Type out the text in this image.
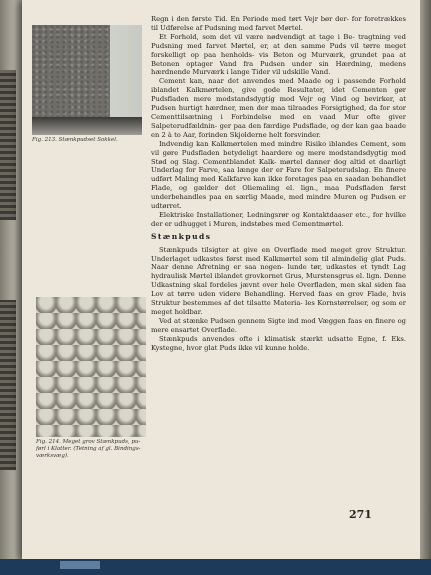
Fig. 213. Stænkpudset Sokkel.
Fig. 214. Meget grov Stænkpuds, pu- førl i Klatter. (Tetning af gl. Bindings- værksvæg).

Regn i den første Tid. En Periode med tørt Vejr bør der- for foretrækkes til Udførelse af Pudsning med farvet Mørtel.

Et Forhold, som det vil være nødvendigt at tage i Be- tragtning ved Pudsning med farvet Mørtel, er, at den samme Puds vil tørre meget forskelligt op paa henholds- vis Beton og Murværk, grundet paa at Betonen optager Vand fra Pudsen under sin Hærdning, medens hærdnende Murværk i lange Tider vil udskille Vand.

Cement kan, naar det anvendes med Maade og i passende Forhold iblandet Kalkmørtelen, give gode Resultater, idet Cementen gør Pudsfladen mere modstandsdygtig mod Vejr og Vind og bevirker, at Pudsen hurtigt hærdner, men der maa tilraades Forsigtighed, da for stor Cementtilsætning i Forbindelse med en vaad Mur ofte giver Salpeterudfældnin- ger paa den færdige Pudsflade, og der kan gaa baade en 2 à to Aar, forinden Skjolderne helt forsvinder.

Indvendig kan Kalkmørtelen med mindre Risiko iblandes Cement, som vil gøre Pudsfladen betydeligt haardere og mere modstandsdygtig mod Stød og Slag. Cementblandet Kalk- mørtel danner dog altid et daarligt Underlag for Farve, saa længe der er Fare for Salpeterudslag. En finere udført Maling med Kalkfarve kan ikke foretages paa en saadan behandlet Flade, og gælder det Oliemaling el. lign., maa Pudsfladen først underbehandles paa en særlig Maade, med mindre Muren og Pudsen er udtørret.

Elektriske Installationer, Ledningsrør og Kontaktdaaser etc., for hvilke der er udhugget i Muren, indstøbes med Cementmørtel.

Stænkpuds

Stænkpuds tilsigter at give en Overflade med meget grov Struktur. Underlaget udkastes først med Kalkmørtel som til almindelig glat Puds. Naar denne Afretning er saa nogen- lunde tør, udkastes et tyndt Lag hydraulisk Mørtel iblandet grovkornet Grus, Murstensgrus el. lign. Denne Udkastning skal fordeles jævnt over hele Overfladen, men skal siden faa Lov at tørre uden videre Behandling. Herved faas en grov Flade, hvis Struktur bestemmes af det tilsatte Materia- les Kornstørrelser, og som er meget holdbar.

Ved at stænke Pudsen gennem Sigte ind mod Væggen faas en finere og mere ensartet Overflade.

Stænkpuds anvendes ofte i klimatisk stærkt udsatte Egne, f. Eks. Kystegne, hvor glat Puds ikke vil kunne holde.

271
